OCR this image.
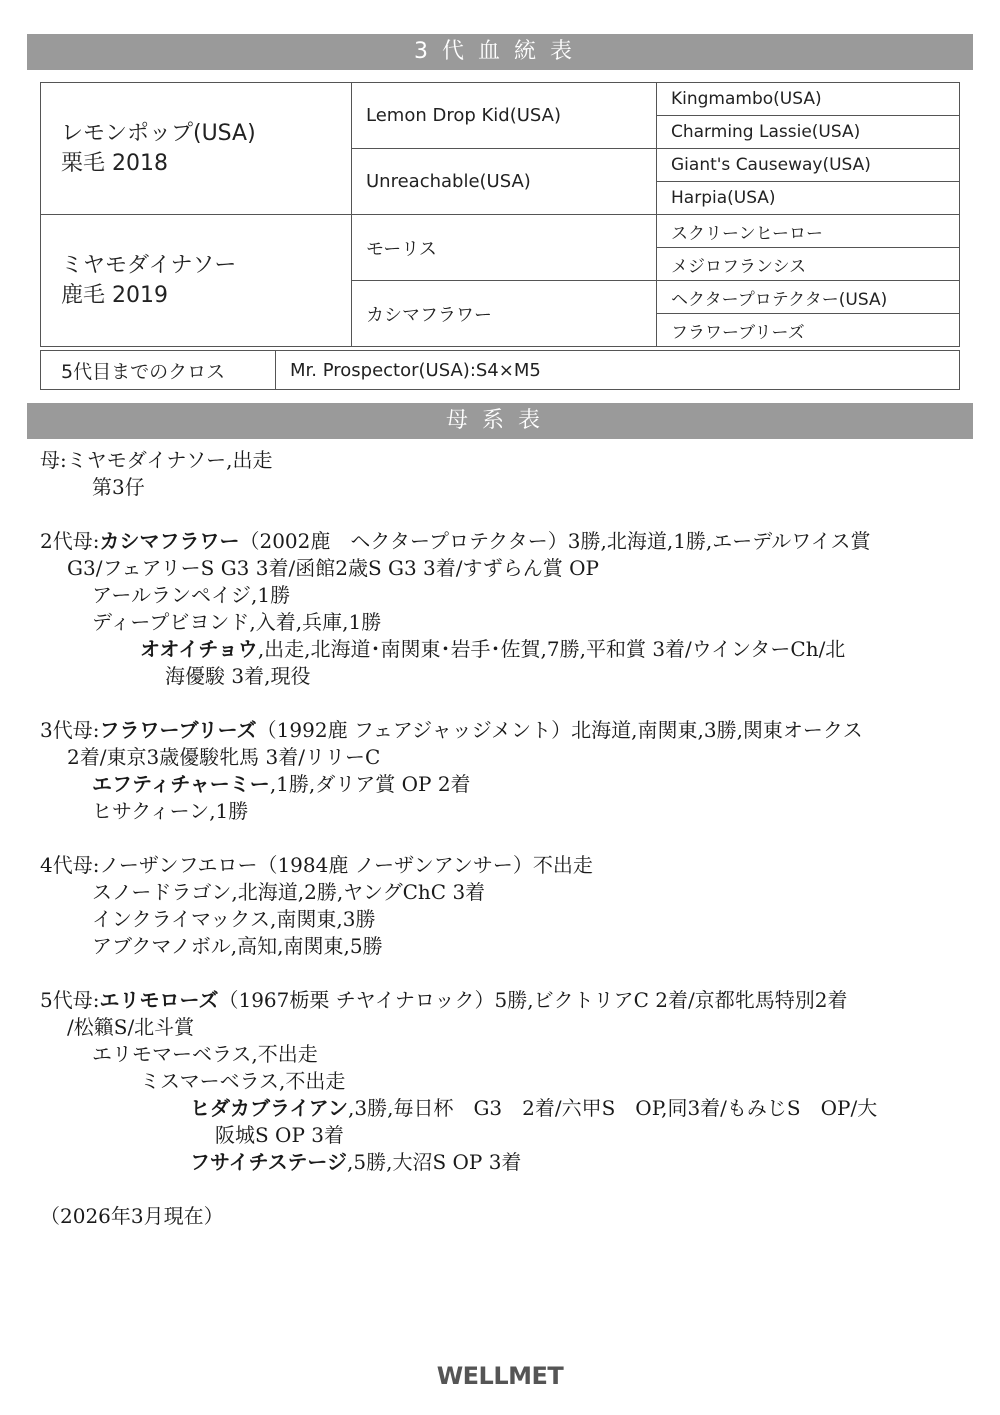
3代血統表
レモンポップ(USA)
栗毛 2018	Lemon Drop Kid(USA)	Kingmambo(USA)
		Charming Lassie(USA)
	Unreachable(USA)	Giant's Causeway(USA)
		Harpia(USA)

ミヤモダイナソー
鹿毛 2019	モーリス	スクリーンヒーロー
		メジロフランシス
	カシマフラワー	ヘクタープロテクター(USA)
		フラワーブリーズ
5代目までのクロス	Mr. Prospector(USA):S4×M5
母系表
母:ミヤモダイナソー,出走
第3仔
2代母:カシマフラワー（2002鹿　ヘクタープロテクター）3勝,北海道,1勝,エーデルワイス賞
G3/フェアリーS G3 3着/函館2歳S G3 3着/すずらん賞 OP
アールランペイジ,1勝
ディープビヨンド,入着,兵庫,1勝
オオイチョウ,出走,北海道･南関東･岩手･佐賀,7勝,平和賞 3着/ウインターCh/北
海優駿 3着,現役
3代母:フラワーブリーズ（1992鹿 フェアジャッジメント）北海道,南関東,3勝,関東オークス
2着/東京3歳優駿牝馬 3着/リリーC
エフティチャーミー,1勝,ダリア賞 OP 2着
ヒサクィーン,1勝
4代母:ノーザンフエロー（1984鹿 ノーザンアンサー）不出走
スノードラゴン,北海道,2勝,ヤングChC 3着
インクライマックス,南関東,3勝
アブクマノボル,高知,南関東,5勝
5代母:エリモローズ（1967栃栗 チヤイナロック）5勝,ビクトリアC 2着/京都牝馬特別2着
/松籟S/北斗賞
エリモマーベラス,不出走
ミスマーベラス,不出走
ヒダカブライアン,3勝,毎日杯　G3　2着/六甲S　OP,同3着/もみじS　OP/大
阪城S OP 3着
フサイチステージ,5勝,大沼S OP 3着
（2026年3月現在）
WELLMET
